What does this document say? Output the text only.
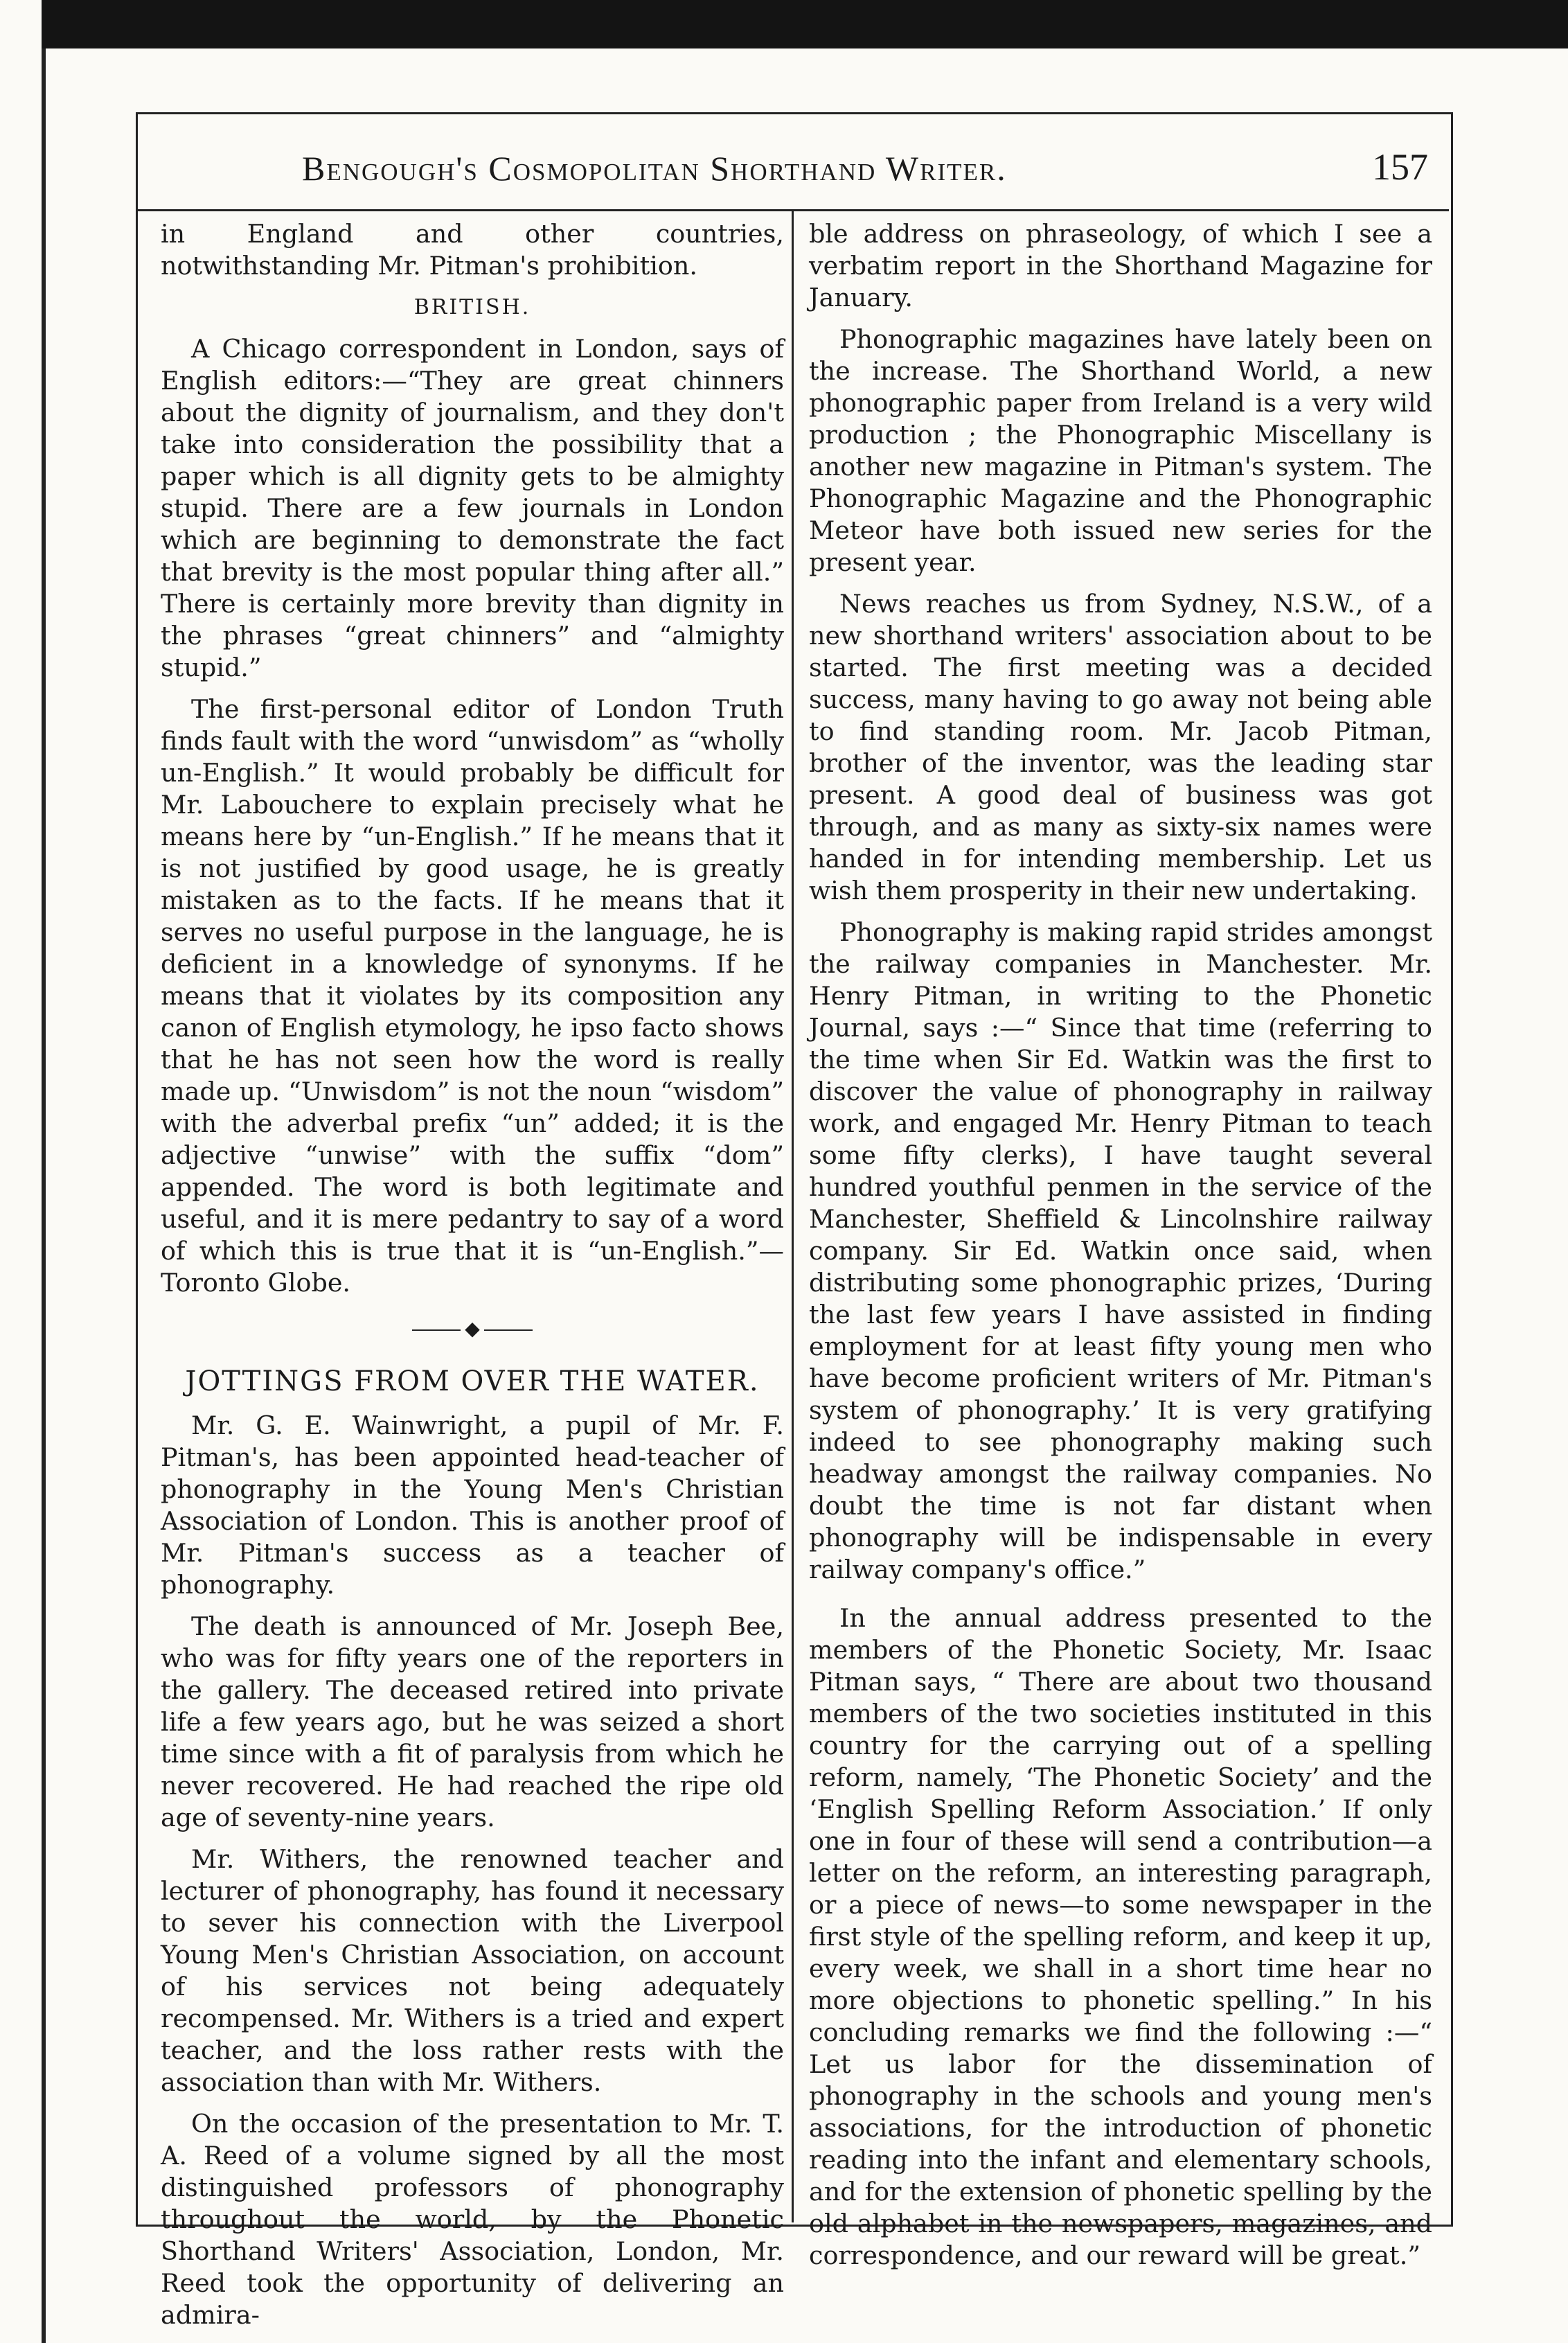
Bengough's Cosmopolitan Shorthand Writer.	157

in England and other countries, notwithstanding Mr. Pitman's prohibition.

BRITISH.

A Chicago correspondent in London, says of English editors:—“They are great chinners about the dignity of journalism, and they don't take into consideration the possibility that a paper which is all dignity gets to be almighty stupid. There are a few journals in London which are beginning to demonstrate the fact that brevity is the most popular thing after all.” There is certainly more brevity than dignity in the phrases “great chinners” and “almighty stupid.”

The first-personal editor of London Truth finds fault with the word “unwisdom” as “wholly un-English.” It would probably be difficult for Mr. Labouchere to explain precisely what he means here by “un-English.” If he means that it is not justified by good usage, he is greatly mistaken as to the facts. If he means that it serves no useful purpose in the language, he is deficient in a knowledge of synonyms. If he means that it violates by its composition any canon of English etymology, he ipso facto shows that he has not seen how the word is really made up. “Unwisdom” is not the noun “wisdom” with the adverbal prefix “un” added; it is the adjective “unwise” with the suffix “dom” appended. The word is both legitimate and useful, and it is mere pedantry to say of a word of which this is true that it is “un-English.”—Toronto Globe.

◆
JOTTINGS FROM OVER THE WATER.

Mr. G. E. Wainwright, a pupil of Mr. F. Pitman's, has been appointed head-teacher of phonography in the Young Men's Christian Association of London. This is another proof of Mr. Pitman's success as a teacher of phonography.

The death is announced of Mr. Joseph Bee, who was for fifty years one of the reporters in the gallery. The deceased retired into private life a few years ago, but he was seized a short time since with a fit of paralysis from which he never recovered. He had reached the ripe old age of seventy-nine years.

Mr. Withers, the renowned teacher and lecturer of phonography, has found it necessary to sever his connection with the Liverpool Young Men's Christian Association, on account of his services not being adequately recompensed. Mr. Withers is a tried and expert teacher, and the loss rather rests with the association than with Mr. Withers.

On the occasion of the presentation to Mr. T. A. Reed of a volume signed by all the most distinguished professors of phonography throughout the world, by the Phonetic Shorthand Writers' Association, London, Mr. Reed took the opportunity of delivering an admira-

ble address on phraseology, of which I see a verbatim report in the Shorthand Magazine for January.

Phonographic magazines have lately been on the increase. The Shorthand World, a new phonographic paper from Ireland is a very wild production ; the Phonographic Miscellany is another new magazine in Pitman's system. The Phonographic Magazine and the Phonographic Meteor have both issued new series for the present year.

News reaches us from Sydney, N.S.W., of a new shorthand writers' association about to be started. The first meeting was a decided success, many having to go away not being able to find standing room. Mr. Jacob Pitman, brother of the inventor, was the leading star present. A good deal of business was got through, and as many as sixty-six names were handed in for intending membership. Let us wish them prosperity in their new undertaking.

Phonography is making rapid strides amongst the railway companies in Manchester. Mr. Henry Pitman, in writing to the Phonetic Journal, says :—“ Since that time (referring to the time when Sir Ed. Watkin was the first to discover the value of phonography in railway work, and engaged Mr. Henry Pitman to teach some fifty clerks), I have taught several hundred youthful penmen in the service of the Manchester, Sheffield & Lincolnshire railway company. Sir Ed. Watkin once said, when distributing some phonographic prizes, ‘During the last few years I have assisted in finding employment for at least fifty young men who have become proficient writers of Mr. Pitman's system of phonography.’ It is very gratifying indeed to see phonography making such headway amongst the railway companies. No doubt the time is not far distant when phonography will be indispensable in every railway company's office.”

In the annual address presented to the members of the Phonetic Society, Mr. Isaac Pitman says, “ There are about two thousand members of the two societies instituted in this country for the carrying out of a spelling reform, namely, ‘The Phonetic Society’ and the ‘English Spelling Reform Association.’ If only one in four of these will send a contribution—a letter on the reform, an interesting paragraph, or a piece of news—to some newspaper in the first style of the spelling reform, and keep it up, every week, we shall in a short time hear no more objections to phonetic spelling.” In his concluding remarks we find the following :—“ Let us labor for the dissemination of phonography in the schools and young men's associations, for the introduction of phonetic reading into the infant and elementary schools, and for the extension of phonetic spelling by the old alphabet in the newspapers, magazines, and correspondence, and our reward will be great.”
